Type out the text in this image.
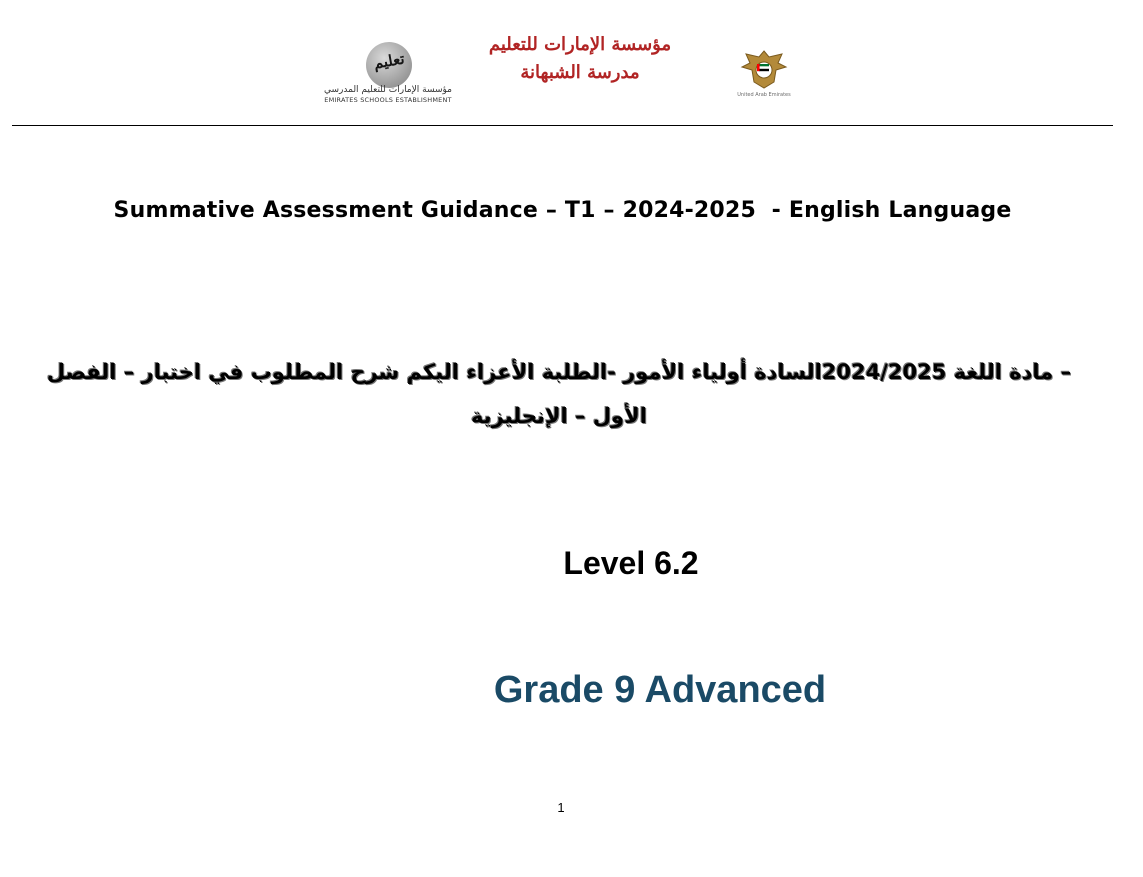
تعليم
مؤسسة الإمارات للتعليم المدرسي
EMIRATES SCHOOLS ESTABLISHMENT
مؤسسة الإمارات للتعليم
مدرسة الشبهانة
United Arab Emirates
Summative Assessment Guidance – T1 – 2024-2025  - English Language
– مادة اللغة 2024/2025السادة أولياء الأمور -الطلبة الأعزاء اليكم شرح المطلوب في اختبار – الفصل الأول – الإنجليزية
Level 6.2
Grade 9 Advanced
1
